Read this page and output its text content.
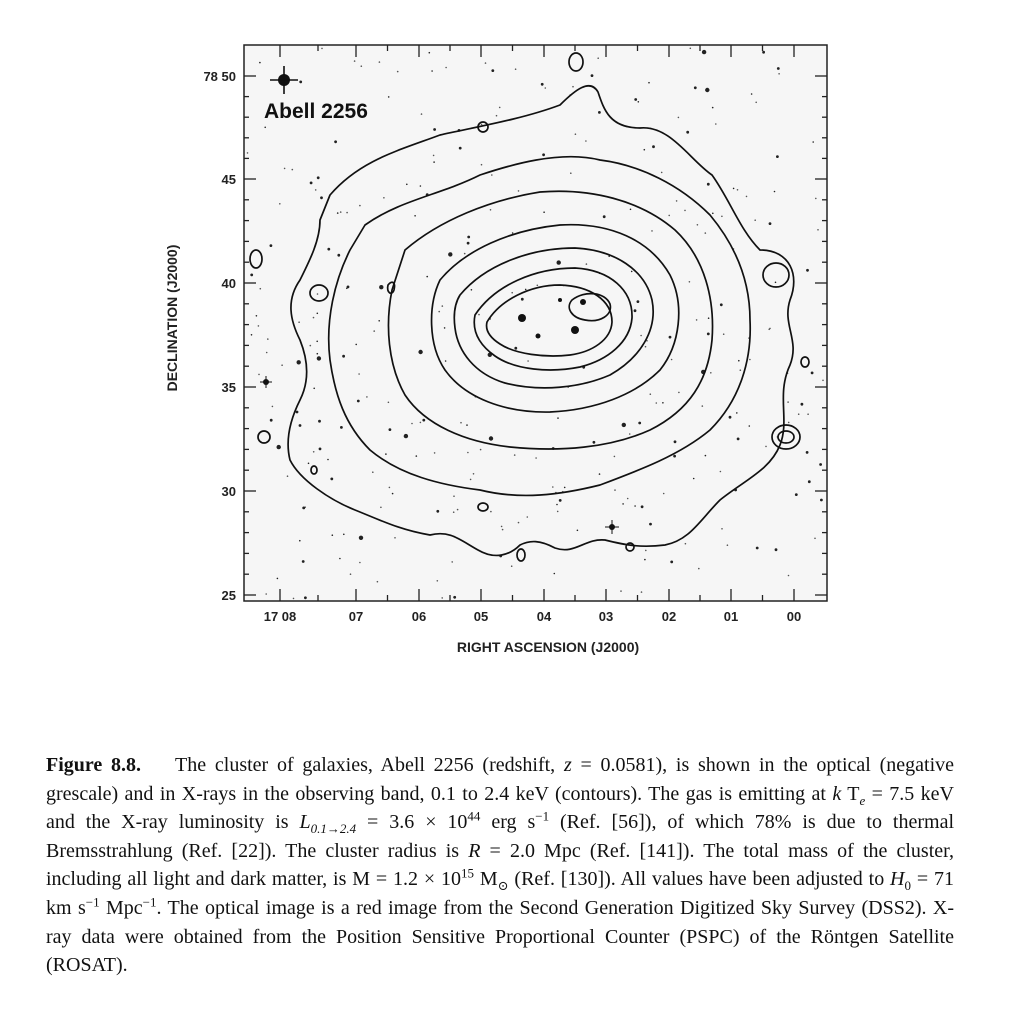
78 50
45
40
35
30
25
17 08	07	06	05	04	03	02	01	00
RIGHT ASCENSION (J2000)
DECLINATION (J2000)
Abell 2256
Figure 8.8. The cluster of galaxies, Abell 2256 (redshift, z = 0.0581), is shown in the optical (negative grescale) and in X-rays in the observing band, 0.1 to 2.4 keV (contours). The gas is emitting at k $T_e = 7.5$ keV and the X-ray luminosity is $L_{0.1\to 2.4} = 3.6 \times 10^{44}$ erg $s^{-1}$ (Ref. [56]), of which 78% is due to thermal Bremsstrahlung (Ref. [22]). The cluster radius is R = 2.0 Mpc (Ref. [141]). The total mass of the cluster, including all light and dark matter, is $M = 1.2 \times 10^{15}$ $M_⊙$ (Ref. [130]). All values have been adjusted to $H_0 = 71$ km $s^{-1}$ Mpc$^{-1}$. The optical image is a red image from the Second Generation Digitized Sky Survey (DSS2). X-ray data were obtained from the Position Sensitive Proportional Counter (PSPC) of the Röntgen Satellite (ROSAT).
